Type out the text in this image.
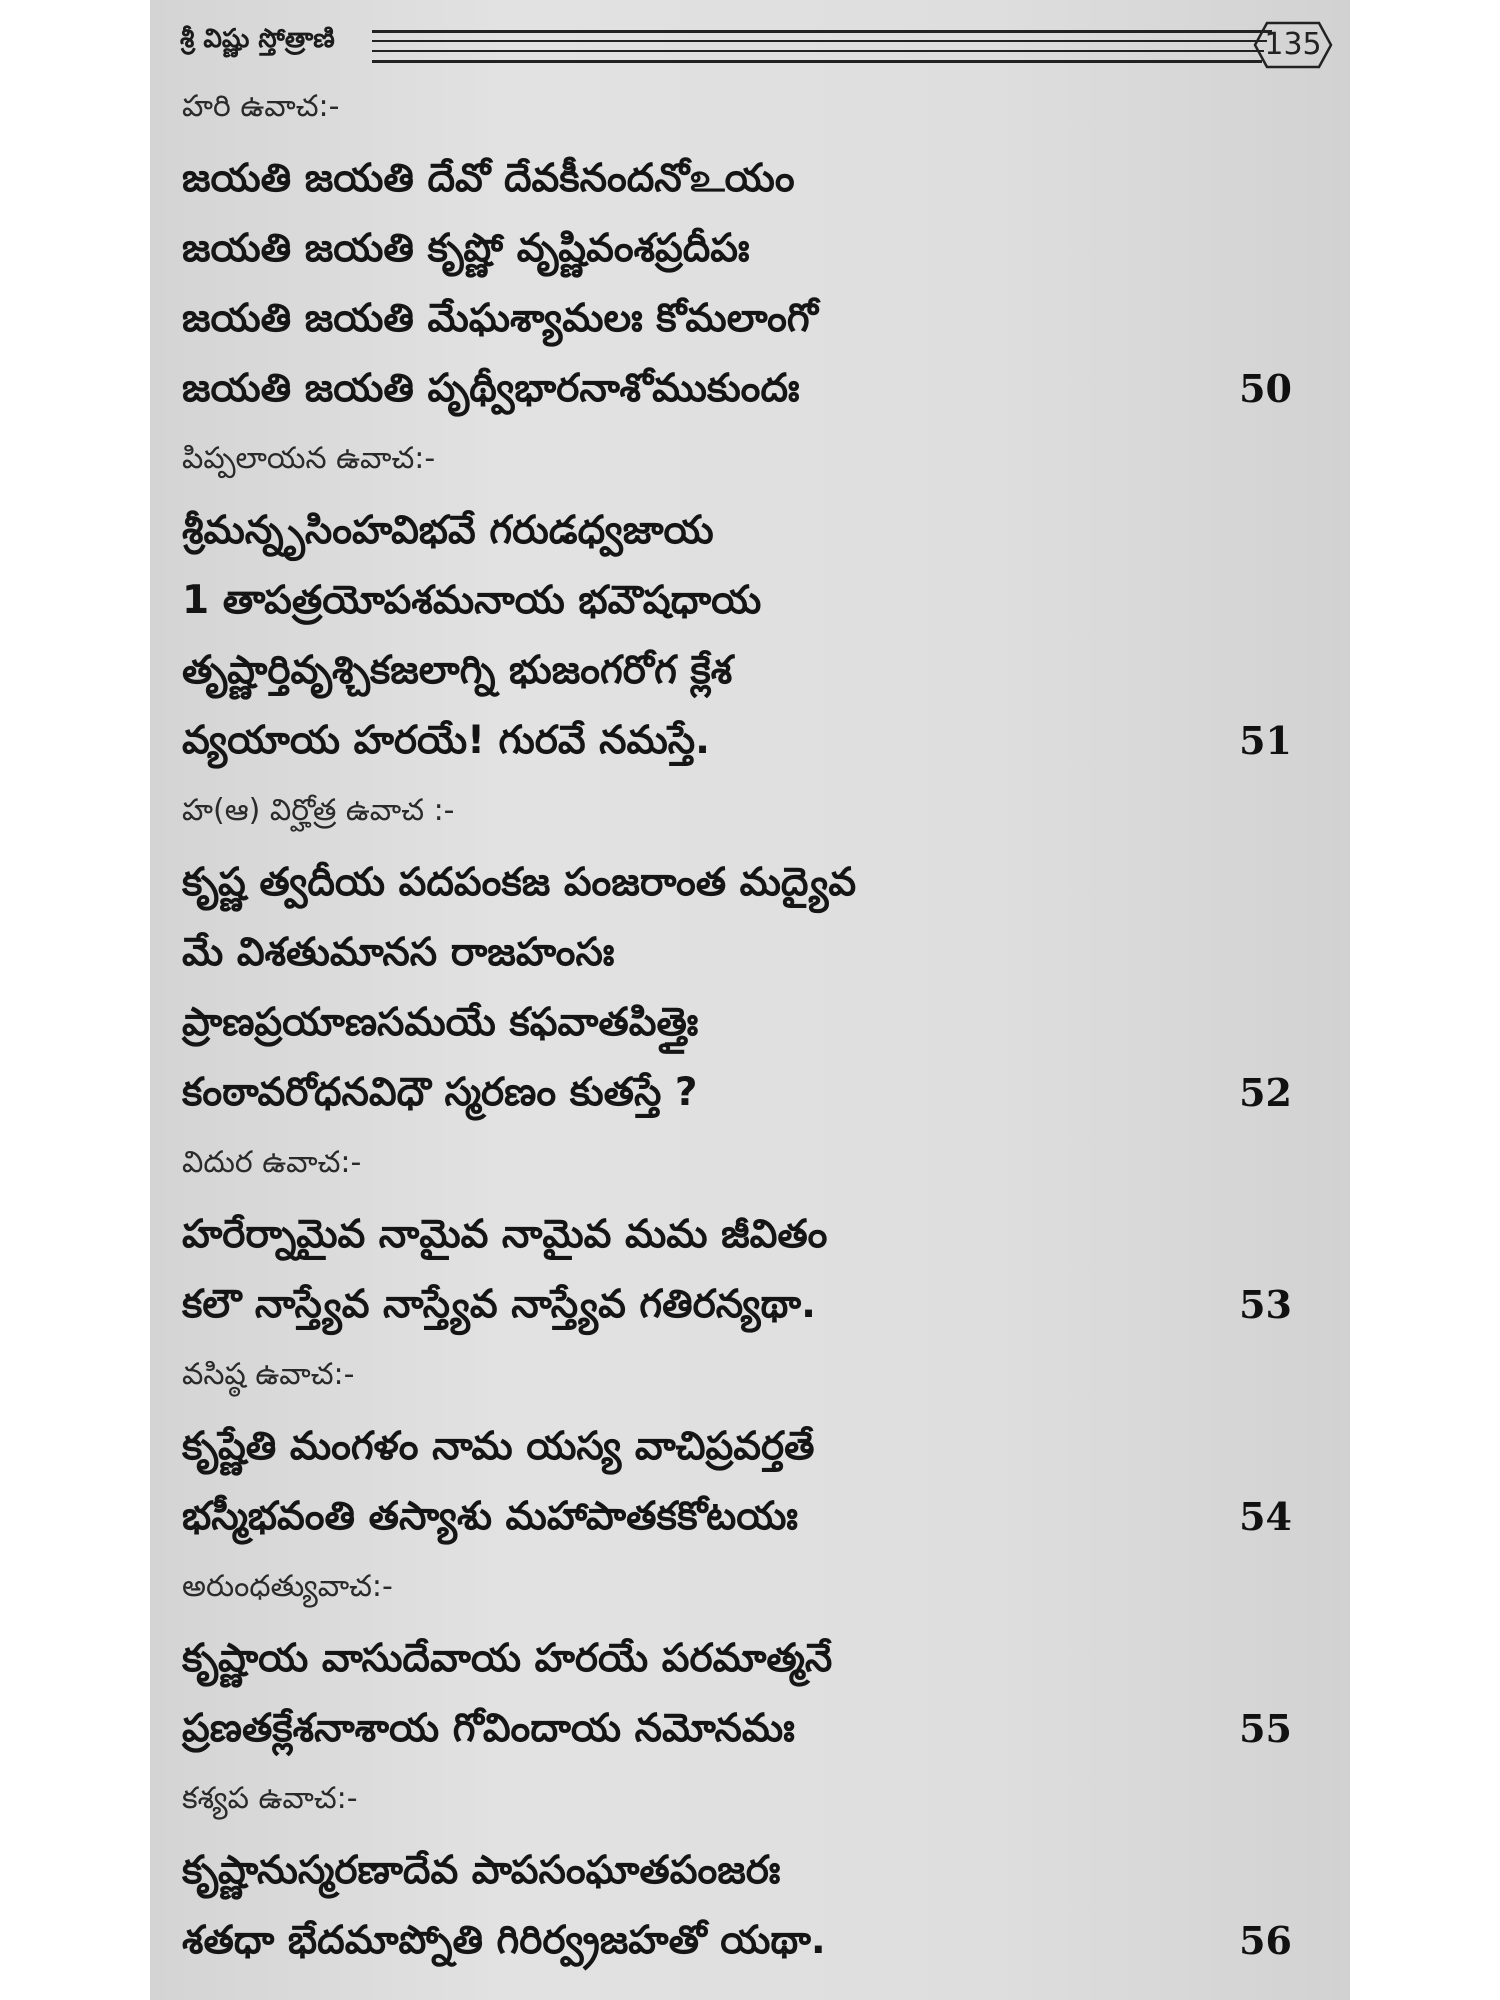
శ్రీ విష్ణు స్తోత్రాణి	135
హరి ఉవాచ:-
జయతి జయతి దేవో దేవకీనందనోஉయం
జయతి జయతి కృష్ణో వృష్ణివంశప్రదీపః
జయతి జయతి మేఘశ్యామలః కోమలాంగో
జయతి జయతి పృథ్వీభారనాశోముకుందః	50
పిప్పలాయన ఉవాచ:-
శ్రీమన్నృసింహవిభవే గరుడధ్వజాయ
1 తాపత్రయోపశమనాయ భవౌషధాయ
తృష్ణార్తివృశ్చికజలాగ్ని భుజంగరోగ క్లేశ
వ్యయాయ హరయే! గురవే నమస్తే.	51
హ(ఆ) విర్హోత్ర ఉవాచ :-
కృష్ణ త్వదీయ పదపంకజ పంజరాంత మద్యైవ
మే విశతుమానస రాజహంసః
ప్రాణప్రయాణసమయే కఫవాతపిత్తైః
కంఠావరోధనవిధౌ స్మరణం కుతస్తే ?	52
విదుర ఉవాచ:-
హరేర్నామైవ నామైవ నామైవ మమ జీవితం
కలౌ నాస్త్యేవ నాస్త్యేవ నాస్త్యేవ గతిరన్యథా.	53
వసిష్ఠ ఉవాచ:-
కృష్ణేతి మంగళం నామ యస్య వాచిప్రవర్తతే
భస్మీభవంతి తస్యాశు మహాపాతకకోటయః	54
అరుంధత్యువాచ:-
కృష్ణాయ వాసుదేవాయ హరయే పరమాత్మనే
ప్రణతక్లేశనాశాయ గోవిందాయ నమోనమః	55
కశ్యప ఉవాచ:-
కృష్ణానుస్మరణాదేవ పాపసంఘాతపంజరః
శతధా భేదమాప్నోతి గిరిర్వ్రజహతో యథా.	56
